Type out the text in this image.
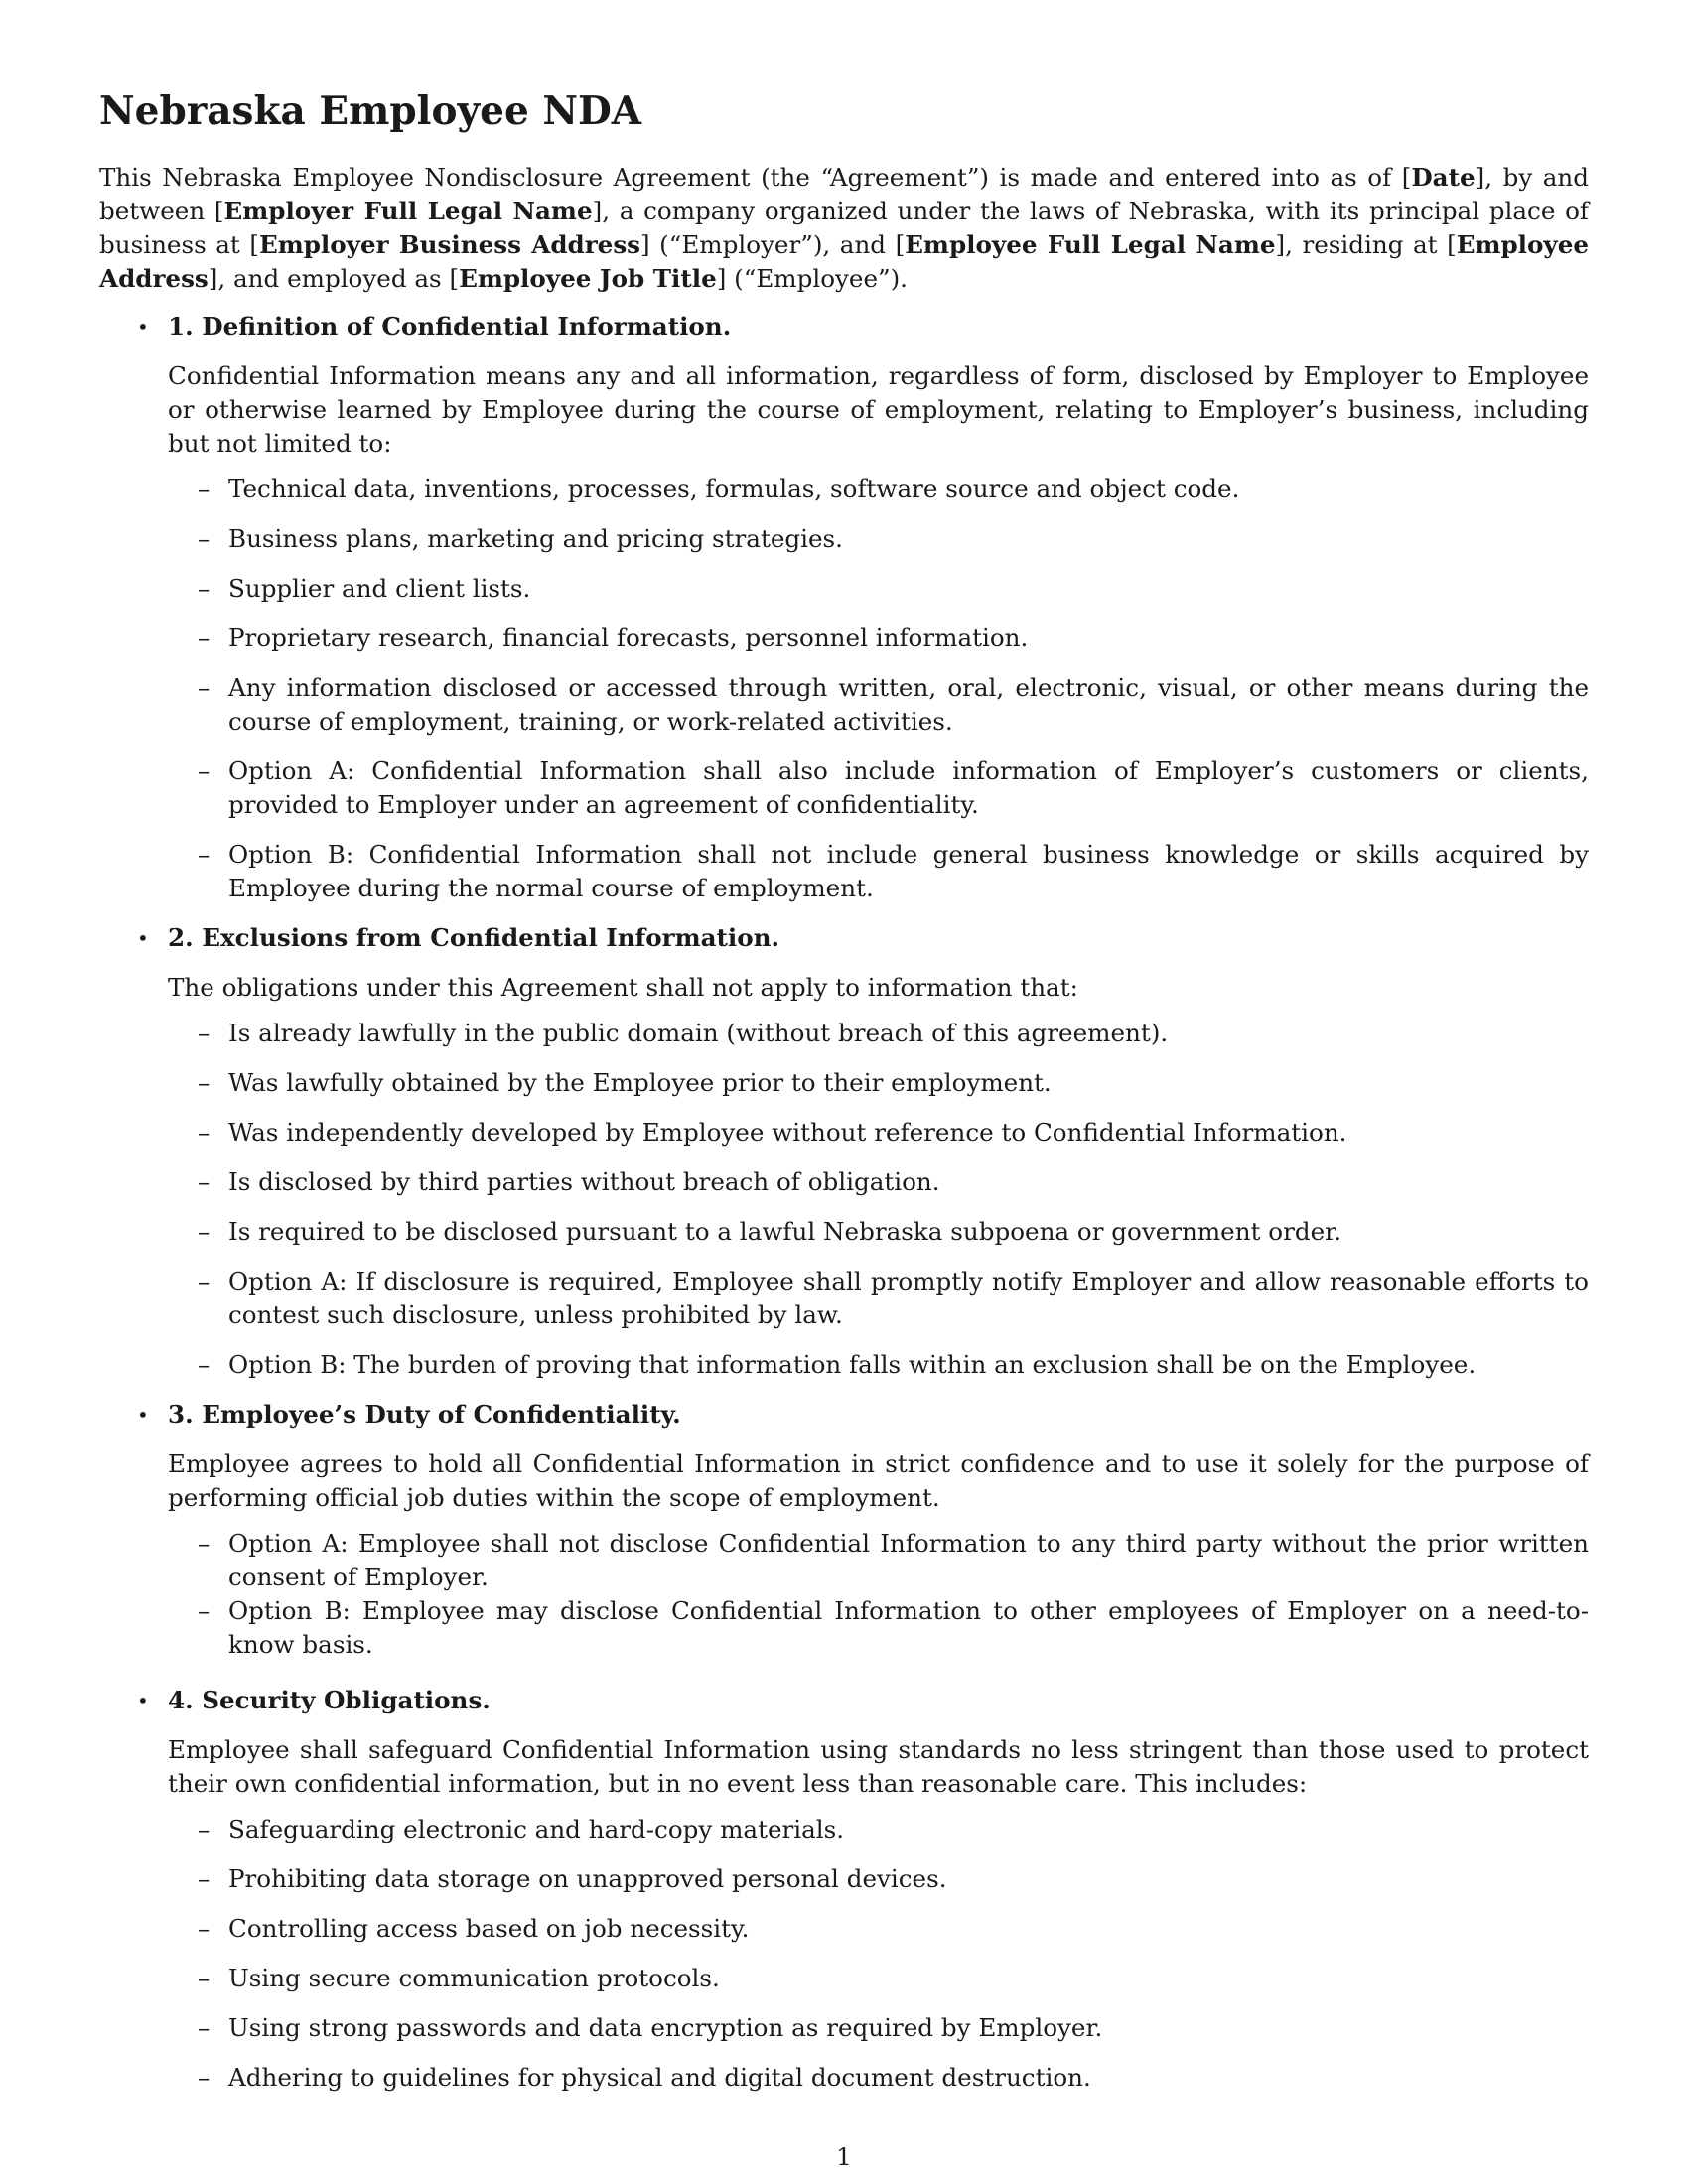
Nebraska Employee NDA

This Nebraska Employee Nondisclosure Agreement (the “Agreement”) is made and entered into as of [Date], by and between [Employer Full Legal Name], a company organized under the laws of Nebraska, with its principal place of business at [Employer Business Address] (“Employer”), and [Employee Full Legal Name], residing at [Employee Address], and employed as [Employee Job Title] (“Employee”).

• 1. Definition of Confidential Information.

Confidential Information means any and all information, regardless of form, disclosed by Employer to Employee or otherwise learned by Employee during the course of employment, relating to Employer’s business, including but not limited to:

– Technical data, inventions, processes, formulas, software source and object code.
– Business plans, marketing and pricing strategies.
– Supplier and client lists.
– Proprietary research, financial forecasts, personnel information.
– Any information disclosed or accessed through written, oral, electronic, visual, or other means during the course of employment, training, or work-related activities.
– Option A: Confidential Information shall also include information of Employer’s customers or clients, provided to Employer under an agreement of confidentiality.
– Option B: Confidential Information shall not include general business knowledge or skills acquired by Employee during the normal course of employment.
• 2. Exclusions from Confidential Information.

The obligations under this Agreement shall not apply to information that:

– Is already lawfully in the public domain (without breach of this agreement).
– Was lawfully obtained by the Employee prior to their employment.
– Was independently developed by Employee without reference to Confidential Information.
– Is disclosed by third parties without breach of obligation.
– Is required to be disclosed pursuant to a lawful Nebraska subpoena or government order.
– Option A: If disclosure is required, Employee shall promptly notify Employer and allow reasonable efforts to contest such disclosure, unless prohibited by law.
– Option B: The burden of proving that information falls within an exclusion shall be on the Employee.
• 3. Employee’s Duty of Confidentiality.

Employee agrees to hold all Confidential Information in strict confidence and to use it solely for the purpose of performing official job duties within the scope of employment.

– Option A: Employee shall not disclose Confidential Information to any third party without the prior written consent of Employer.
– Option B: Employee may disclose Confidential Information to other employees of Employer on a need-to-know basis.
• 4. Security Obligations.

Employee shall safeguard Confidential Information using standards no less stringent than those used to protect their own confidential information, but in no event less than reasonable care. This includes:

– Safeguarding electronic and hard-copy materials.
– Prohibiting data storage on unapproved personal devices.
– Controlling access based on job necessity.
– Using secure communication protocols.
– Using strong passwords and data encryption as required by Employer.
– Adhering to guidelines for physical and digital document destruction.
1
